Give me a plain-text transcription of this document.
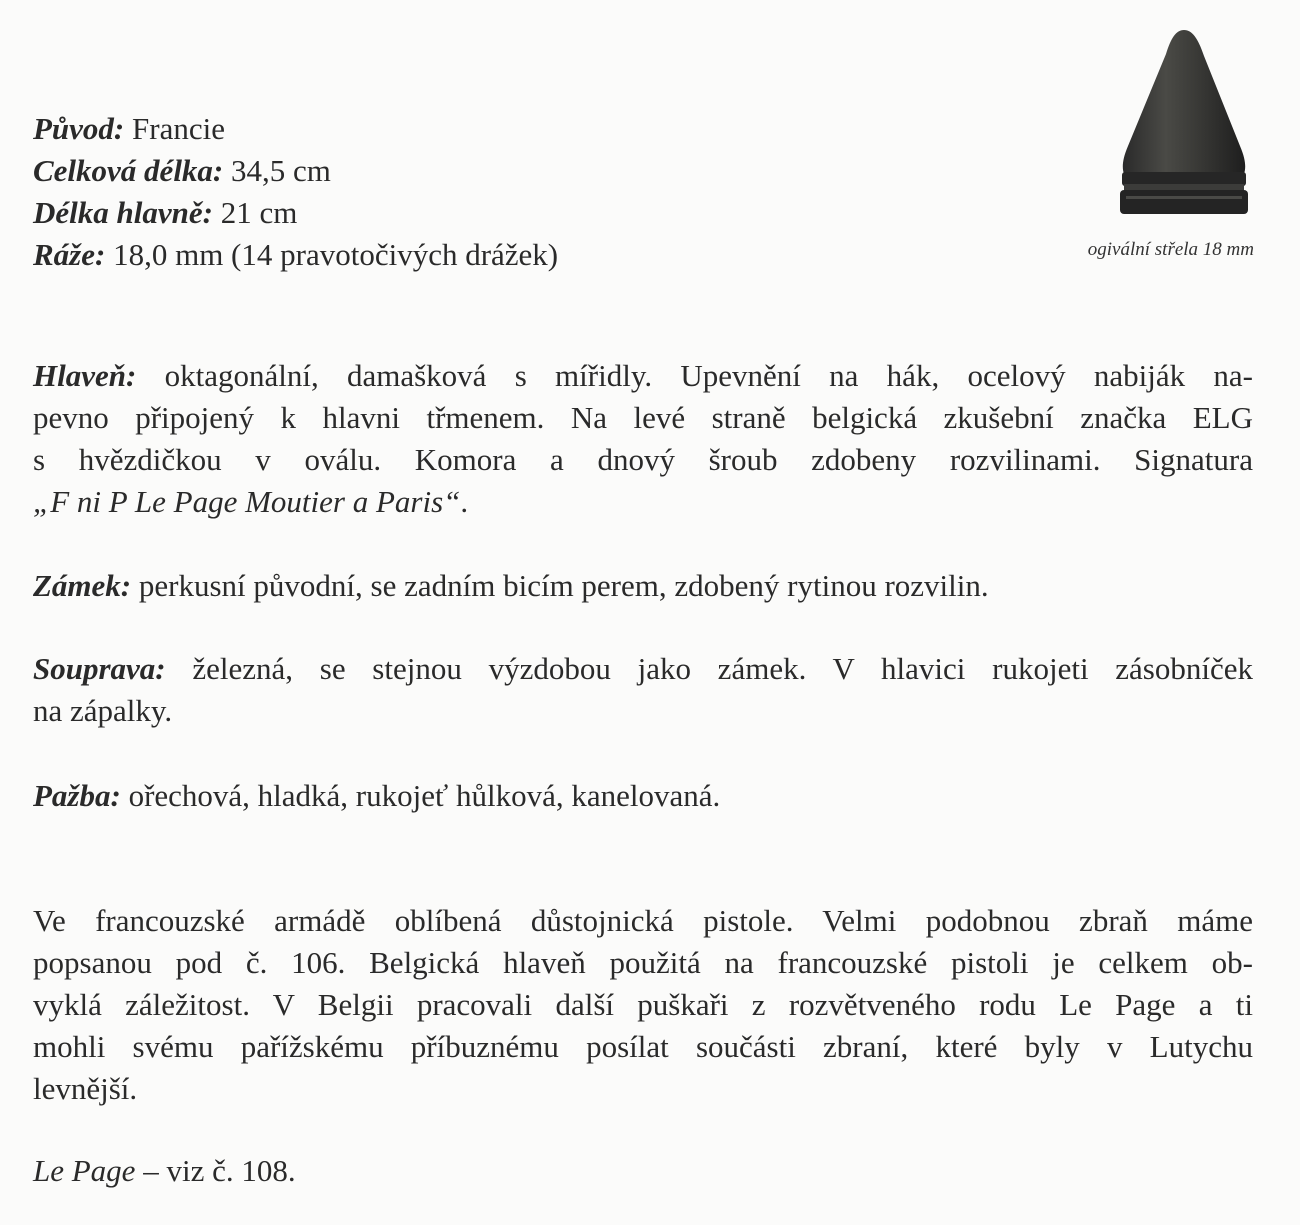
Původ: Francie
Celková délka: 34,5 cm
Délka hlavně: 21 cm
Ráže: 18,0 mm (14 pravotočivých drážek)	ogivální střela 18 mm
Hlaveň: oktagonální, damašková s mířidly. Upevnění na hák, ocelový nabiják na-
pevno připojený k hlavni třmenem. Na levé straně belgická zkušební značka ELG
s hvězdičkou v oválu. Komora a dnový šroub zdobeny rozvilinami. Signatura
„F ni P Le Page Moutier a Paris“.
Zámek: perkusní původní, se zadním bicím perem, zdobený rytinou rozvilin.
Souprava: železná, se stejnou výzdobou jako zámek. V hlavici rukojeti zásobníček
na zápalky.
Pažba: ořechová, hladká, rukojeť hůlková, kanelovaná.
Ve francouzské armádě oblíbená důstojnická pistole. Velmi podobnou zbraň máme
popsanou pod č. 106. Belgická hlaveň použitá na francouzské pistoli je celkem ob-
vyklá záležitost. V Belgii pracovali další puškaři z rozvětveného rodu Le Page a ti
mohli svému pařížskému příbuznému posílat součásti zbraní, které byly v Lutychu
levnější.
Le Page – viz č. 108.
